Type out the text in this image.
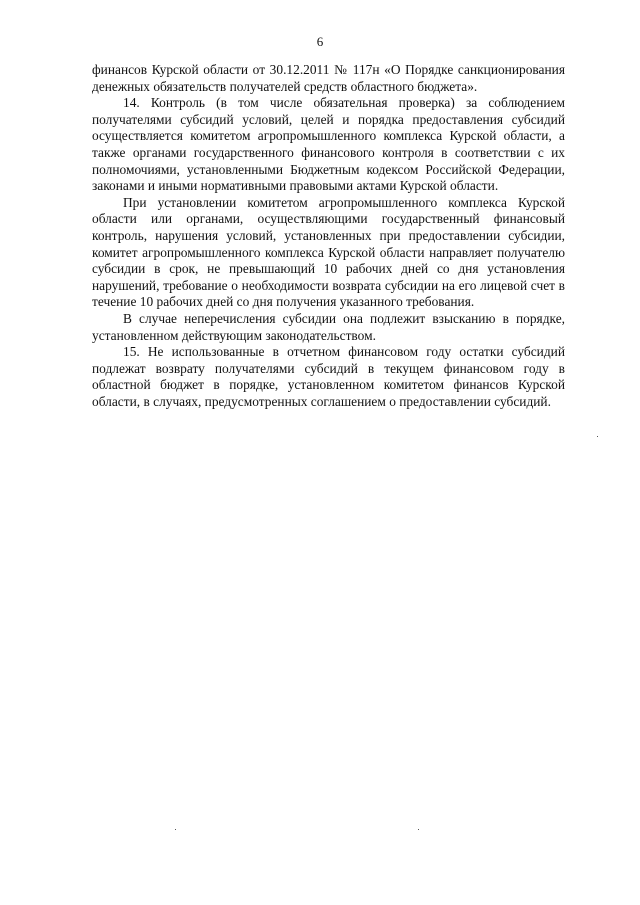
6

финансов Курской области от 30.12.2011 № 117н «О Порядке санкционирования денежных обязательств получателей средств областного бюджета».

14. Контроль (в том числе обязательная проверка) за соблюдением получателями субсидий условий, целей и порядка предоставления субсидий осуществляется комитетом агропромышленного комплекса Курской области, а также органами государственного финансового контроля в соответствии с их полномочиями, установленными Бюджетным кодексом Российской Федерации, законами и иными нормативными правовыми актами Курской области.

При установлении комитетом агропромышленного комплекса Курской области или органами, осуществляющими государственный финансовый контроль, нарушения условий, установленных при предоставлении субсидии, комитет агропромышленного комплекса Курской области направляет получателю субсидии в срок, не превышающий 10 рабочих дней со дня установления нарушений, требование о необходимости возврата субсидии на его лицевой счет в течение 10 рабочих дней со дня получения указанного требования.

В случае неперечисления субсидии она подлежит взысканию в порядке, установленном действующим законодательством.

15. Не использованные в отчетном финансовом году остатки субсидий подлежат возврату получателями субсидий в текущем финансовом году в областной бюджет в порядке, установленном комитетом финансов Курской области, в случаях, предусмотренных соглашением о предоставлении субсидий.
